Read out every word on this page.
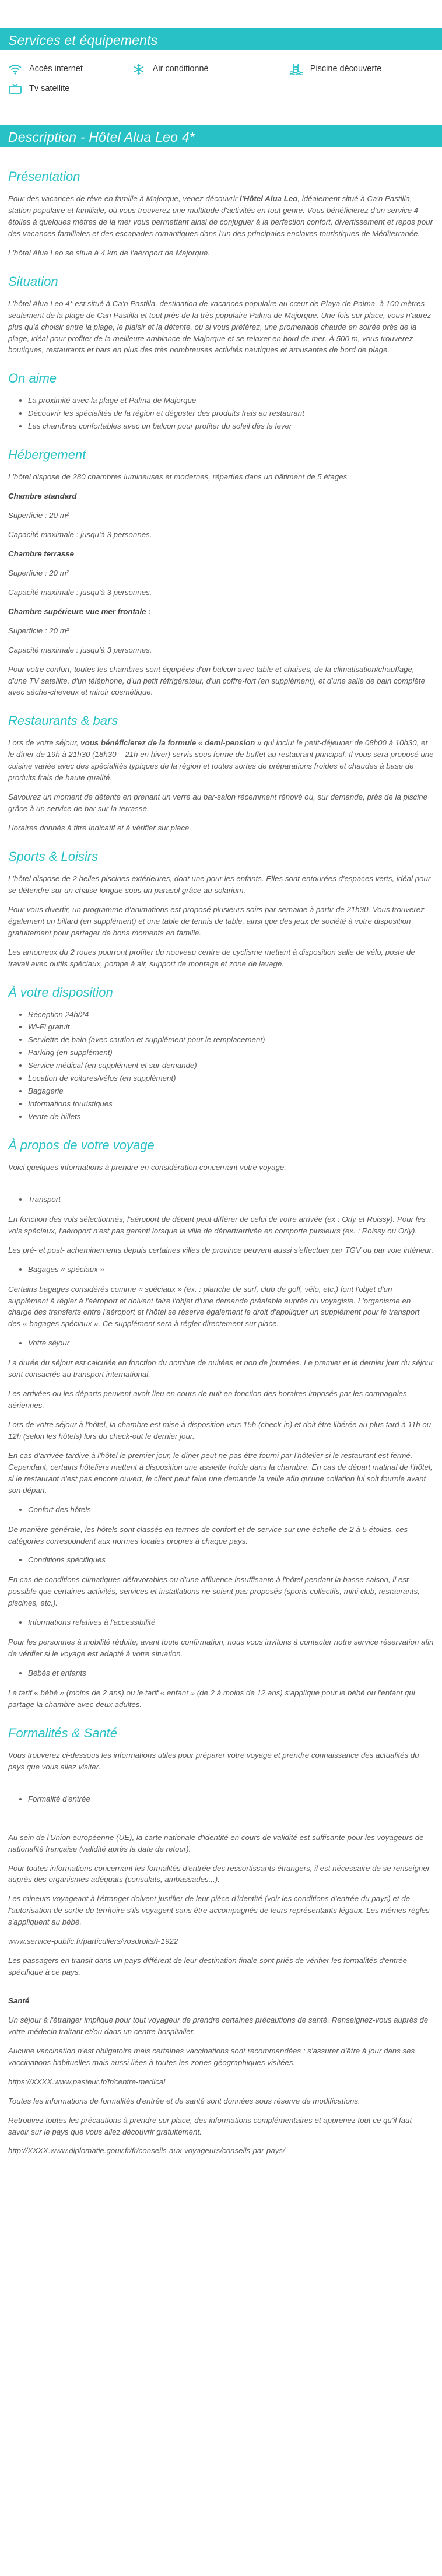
Services et équipements
Accès internet	Air conditionné	Piscine découverte
Tv satellite
Description - Hôtel Alua Leo 4*
Présentation

Pour des vacances de rêve en famille à Majorque, venez découvrir l'Hôtel Alua Leo, idéalement situé à Ca'n Pastilla, station populaire et familiale, où vous trouverez une multitude d'activités en tout genre. Vous bénéficierez d'un service 4 étoiles à quelques mètres de la mer vous permettant ainsi de conjuguer à la perfection confort, divertissement et repos pour des vacances familiales et des escapades romantiques dans l'un des principales enclaves touristiques de Méditerranée.

L'hôtel Alua Leo se situe à 4 km de l'aéroport de Majorque.

Situation

L'hôtel Alua Leo 4* est situé à Ca'n Pastilla, destination de vacances populaire au cœur de Playa de Palma, à 100 mètres seulement de la plage de Can Pastilla et tout près de la très populaire Palma de Majorque. Une fois sur place, vous n'aurez plus qu'à choisir entre la plage, le plaisir et la détente, ou si vous préférez, une promenade chaude en soirée près de la plage, idéal pour profiter de la meilleure ambiance de Majorque et se relaxer en bord de mer. À 500 m, vous trouverez boutiques, restaurants et bars en plus des très nombreuses activités nautiques et amusantes de bord de plage.

On aime
• La proximité avec la plage et Palma de Majorque
• Découvrir les spécialités de la région et déguster des produits frais au restaurant
• Les chambres confortables avec un balcon pour profiter du soleil dès le lever
Hébergement

L'hôtel dispose de 280 chambres lumineuses et modernes, réparties dans un bâtiment de 5 étages.

Chambre standard

Superficie : 20 m²

Capacité maximale : jusqu'à 3 personnes.

Chambre terrasse

Superficie : 20 m²

Capacité maximale : jusqu'à 3 personnes.

Chambre supérieure vue mer frontale :

Superficie : 20 m²

Capacité maximale : jusqu'à 3 personnes.

Pour votre confort, toutes les chambres sont équipées d'un balcon avec table et chaises, de la climatisation/chauffage, d'une TV satellite, d'un téléphone, d'un petit réfrigérateur, d'un coffre-fort (en supplément), et d'une salle de bain complète avec sèche-cheveux et miroir cosmétique.

Restaurants & bars

Lors de votre séjour, vous bénéficierez de la formule « demi-pension » qui inclut le petit-déjeuner de 08h00 à 10h30, et le dîner de 19h à 21h30 (18h30 – 21h en hiver) servis sous forme de buffet au restaurant principal. Il vous sera proposé une cuisine variée avec des spécialités typiques de la région et toutes sortes de préparations froides et chaudes à base de produits frais de haute qualité.

Savourez un moment de détente en prenant un verre au bar-salon récemment rénové ou, sur demande, près de la piscine grâce à un service de bar sur la terrasse.

Horaires donnés à titre indicatif et à vérifier sur place.

Sports & Loisirs

L'hôtel dispose de 2 belles piscines extérieures, dont une pour les enfants. Elles sont entourées d'espaces verts, idéal pour se détendre sur un chaise longue sous un parasol grâce au solarium.

Pour vous divertir, un programme d'animations est proposé plusieurs soirs par semaine à partir de 21h30. Vous trouverez également un billard (en supplément) et une table de tennis de table, ainsi que des jeux de société à votre disposition gratuitement pour partager de bons moments en famille.

Les amoureux du 2 roues pourront profiter du nouveau centre de cyclisme mettant à disposition salle de vélo, poste de travail avec outils spéciaux, pompe à air, support de montage et zone de lavage.

À votre disposition
• Réception 24h/24
• Wi-Fi gratuit
• Serviette de bain (avec caution et supplément pour le remplacement)
• Parking (en supplément)
• Service médical (en supplément et sur demande)
• Location de voitures/vélos (en supplément)
• Bagagerie
• Informations touristiques
• Vente de billets
À propos de votre voyage

Voici quelques informations à prendre en considération concernant votre voyage.

• Transport

En fonction des vols sélectionnés, l'aéroport de départ peut différer de celui de votre arrivée (ex : Orly et Roissy). Pour les vols spéciaux, l'aéroport n'est pas garanti lorsque la ville de départ/arrivée en comporte plusieurs (ex. : Roissy ou Orly).

Les pré- et post- acheminements depuis certaines villes de province peuvent aussi s'effectuer par TGV ou par voie intérieur.

• Bagages « spéciaux »

Certains bagages considérés comme « spéciaux » (ex. : planche de surf, club de golf, vélo, etc.) font l'objet d'un supplément à régler à l'aéroport et doivent faire l'objet d'une demande préalable auprès du voyagiste. L'organisme en charge des transferts entre l'aéroport et l'hôtel se réserve également le droit d'appliquer un supplément pour le transport des « bagages spéciaux ». Ce supplément sera à régler directement sur place.

• Votre séjour

La durée du séjour est calculée en fonction du nombre de nuitées et non de journées. Le premier et le dernier jour du séjour sont consacrés au transport international.

Les arrivées ou les départs peuvent avoir lieu en cours de nuit en fonction des horaires imposés par les compagnies aériennes.

Lors de votre séjour à l'hôtel, la chambre est mise à disposition vers 15h (check-in) et doit être libérée au plus tard à 11h ou 12h (selon les hôtels) lors du check-out le dernier jour.

En cas d'arrivée tardive à l'hôtel le premier jour, le dîner peut ne pas être fourni par l'hôtelier si le restaurant est fermé. Cependant, certains hôteliers mettent à disposition une assiette froide dans la chambre. En cas de départ matinal de l'hôtel, si le restaurant n'est pas encore ouvert, le client peut faire une demande la veille afin qu'une collation lui soit fournie avant son départ.

• Confort des hôtels

De manière générale, les hôtels sont classés en termes de confort et de service sur une échelle de 2 à 5 étoiles, ces catégories correspondent aux normes locales propres à chaque pays.

• Conditions spécifiques

En cas de conditions climatiques défavorables ou d'une affluence insuffisante à l'hôtel pendant la basse saison, il est possible que certaines activités, services et installations ne soient pas proposés (sports collectifs, mini club, restaurants, piscines, etc.).

• Informations relatives à l'accessibilité

Pour les personnes à mobilité réduite, avant toute confirmation, nous vous invitons à contacter notre service réservation afin de vérifier si le voyage est adapté à votre situation.

• Bébés et enfants

Le tarif « bébé » (moins de 2 ans) ou le tarif « enfant » (de 2 à moins de 12 ans) s'applique pour le bébé ou l'enfant qui partage la chambre avec deux adultes.

Formalités & Santé

Vous trouverez ci-dessous les informations utiles pour préparer votre voyage et prendre connaissance des actualités du pays que vous allez visiter.

• Formalité d'entrée

Au sein de l'Union européenne (UE), la carte nationale d'identité en cours de validité est suffisante pour les voyageurs de nationalité française (validité après la date de retour).

Pour toutes informations concernant les formalités d'entrée des ressortissants étrangers, il est nécessaire de se renseigner auprès des organismes adéquats (consulats, ambassades...).

Les mineurs voyageant à l'étranger doivent justifier de leur pièce d'identité (voir les conditions d'entrée du pays) et de l'autorisation de sortie du territoire s'ils voyagent sans être accompagnés de leurs représentants légaux. Les mêmes règles s'appliquent au bébé.

www.service-public.fr/particuliers/vosdroits/F1922

Les passagers en transit dans un pays différent de leur destination finale sont priés de vérifier les formalités d'entrée spécifique à ce pays.

Santé

Un séjour à l'étranger implique pour tout voyageur de prendre certaines précautions de santé. Renseignez-vous auprès de votre médecin traitant et/ou dans un centre hospitalier.

Aucune vaccination n'est obligatoire mais certaines vaccinations sont recommandées : s'assurer d'être à jour dans ses vaccinations habituelles mais aussi liées à toutes les zones géographiques visitées.

https://XXXX.www.pasteur.fr/fr/centre-medical

Toutes les informations de formalités d'entrée et de santé sont données sous réserve de modifications.

Retrouvez toutes les précautions à prendre sur place, des informations complémentaires et apprenez tout ce qu'il faut savoir sur le pays que vous allez découvrir gratuitement.

http://XXXX.www.diplomatie.gouv.fr/fr/conseils-aux-voyageurs/conseils-par-pays/
